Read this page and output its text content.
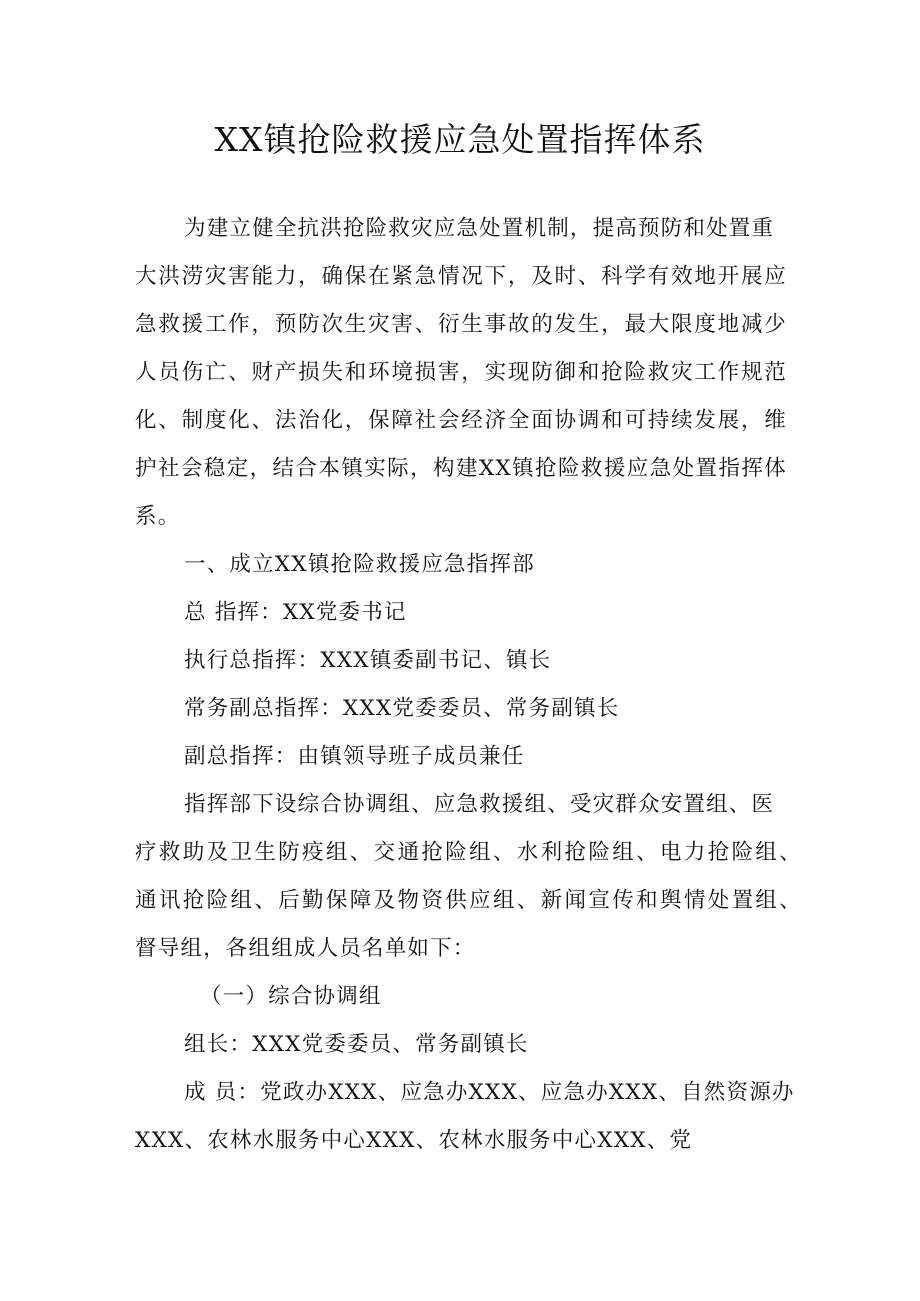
XX镇抢险救援应急处置指挥体系
为建立健全抗洪抢险救灾应急处置机制，提高预防和处置重
大洪涝灾害能力，确保在紧急情况下，及时、科学有效地开展应
急救援工作，预防次生灾害、衍生事故的发生，最大限度地减少
人员伤亡、财产损失和环境损害，实现防御和抢险救灾工作规范
化、制度化、法治化，保障社会经济全面协调和可持续发展，维
护社会稳定，结合本镇实际，构建XX镇抢险救援应急处置指挥体
系。
一、成立XX镇抢险救援应急指挥部
总 指挥：XX党委书记
执行总指挥：XXX镇委副书记、镇长
常务副总指挥：XXX党委委员、常务副镇长
副总指挥：由镇领导班子成员兼任
指挥部下设综合协调组、应急救援组、受灾群众安置组、医
疗救助及卫生防疫组、交通抢险组、水利抢险组、电力抢险组、
通讯抢险组、后勤保障及物资供应组、新闻宣传和舆情处置组、
督导组，各组组成人员名单如下：
（一）综合协调组
组长：XXX党委委员、常务副镇长
成 员：党政办XXX、应急办XXX、应急办XXX、自然资源办
XXX、农林水服务中心XXX、农林水服务中心XXX、党
